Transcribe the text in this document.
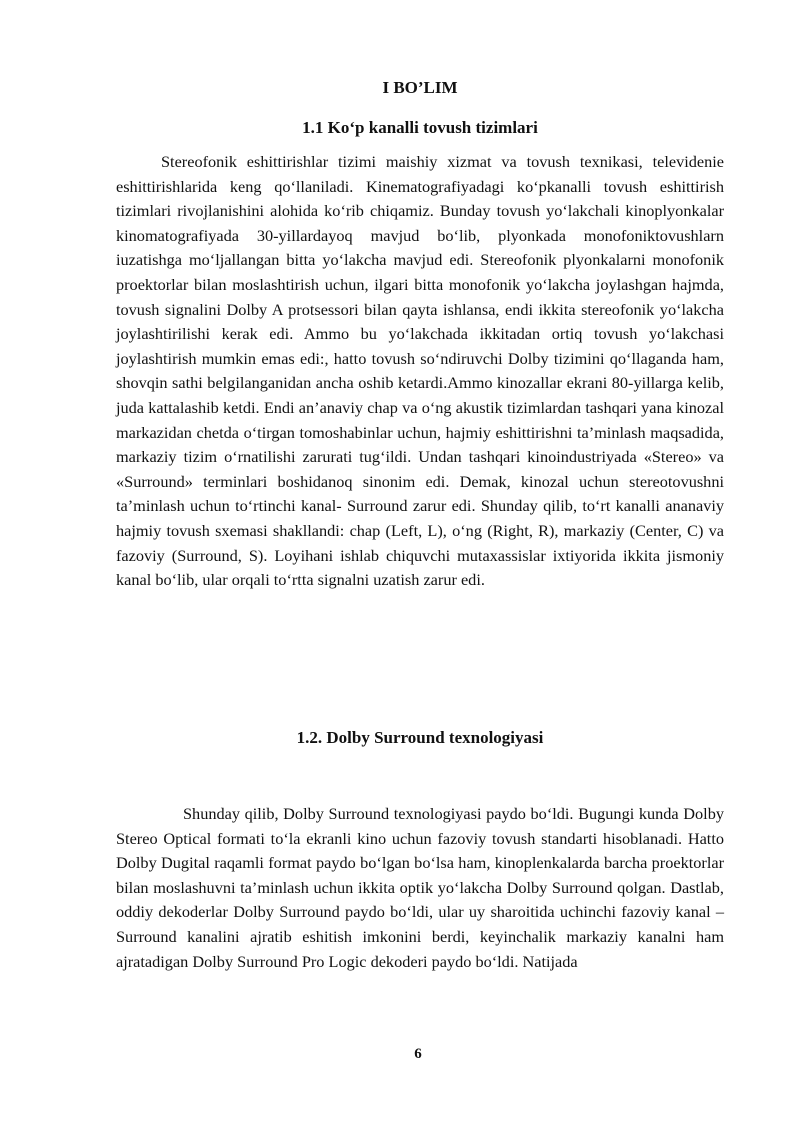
I BO’LIM
1.1 Ko‘p kanalli tovush tizimlari

Stereofonik eshittirishlar tizimi maishiy xizmat va tovush texnikasi, televidenie eshittirishlarida keng qo‘llaniladi. Kinematografiyadagi ko‘pkanalli tovush eshittirish tizimlari rivojlanishini alohida ko‘rib chiqamiz. Bunday tovush yo‘lakchali kinoplyonkalar kinomatografiyada 30-yillardayoq mavjud bo‘lib, plyonkada monofoniktovushlarn iuzatishga mo‘ljallangan bitta yo‘lakcha mavjud edi. Stereofonik plyonkalarni monofonik proektorlar bilan moslashtirish uchun, ilgari bitta monofonik yo‘lakcha joylashgan hajmda, tovush signalini Dolby A protsessori bilan qayta ishlansa, endi ikkita stereofonik yo‘lakcha joylashtirilishi kerak edi. Ammo bu yo‘lakchada ikkitadan ortiq tovush yo‘lakchasi joylashtirish mumkin emas edi:, hatto tovush so‘ndiruvchi Dolby tizimini qo‘llaganda ham, shovqin sathi belgilanganidan ancha oshib ketardi.Ammo kinozallar ekrani 80-yillarga kelib, juda kattalashib ketdi. Endi an’anaviy chap va o‘ng akustik tizimlardan tashqari yana kinozal markazidan chetda o‘tirgan tomoshabinlar uchun, hajmiy eshittirishni ta’minlash maqsadida, markaziy tizim o‘rnatilishi zarurati tug‘ildi. Undan tashqari kinoindustriyada «Stereo» va «Surround» terminlari boshidanoq sinonim edi. Demak, kinozal uchun stereotovushni ta’minlash uchun to‘rtinchi kanal- Surround zarur edi. Shunday qilib, to‘rt kanalli ananaviy hajmiy tovush sxemasi shakllandi: chap (Left, L), o‘ng (Right, R), markaziy (Center, C) va fazoviy (Surround, S). Loyihani ishlab chiquvchi mutaxassislar ixtiyorida ikkita jismoniy kanal bo‘lib, ular orqali to‘rtta signalni uzatish zarur edi.

1.2. Dolby Surround texnologiyasi

Shunday qilib, Dolby Surround texnologiyasi paydo bo‘ldi. Bugungi kunda Dolby Stereo Optical formati to‘la ekranli kino uchun fazoviy tovush standarti hisoblanadi. Hatto Dolby Dugital raqamli format paydo bo‘lgan bo‘lsa ham, kinoplenkalarda barcha proektorlar bilan moslashuvni ta’minlash uchun ikkita optik yo‘lakcha Dolby Surround qolgan. Dastlab, oddiy dekoderlar Dolby Surround paydo bo‘ldi, ular uy sharoitida uchinchi fazoviy kanal – Surround kanalini ajratib eshitish imkonini berdi, keyinchalik markaziy kanalni ham ajratadigan Dolby Surround Pro Logic dekoderi paydo bo‘ldi. Natijada

6
